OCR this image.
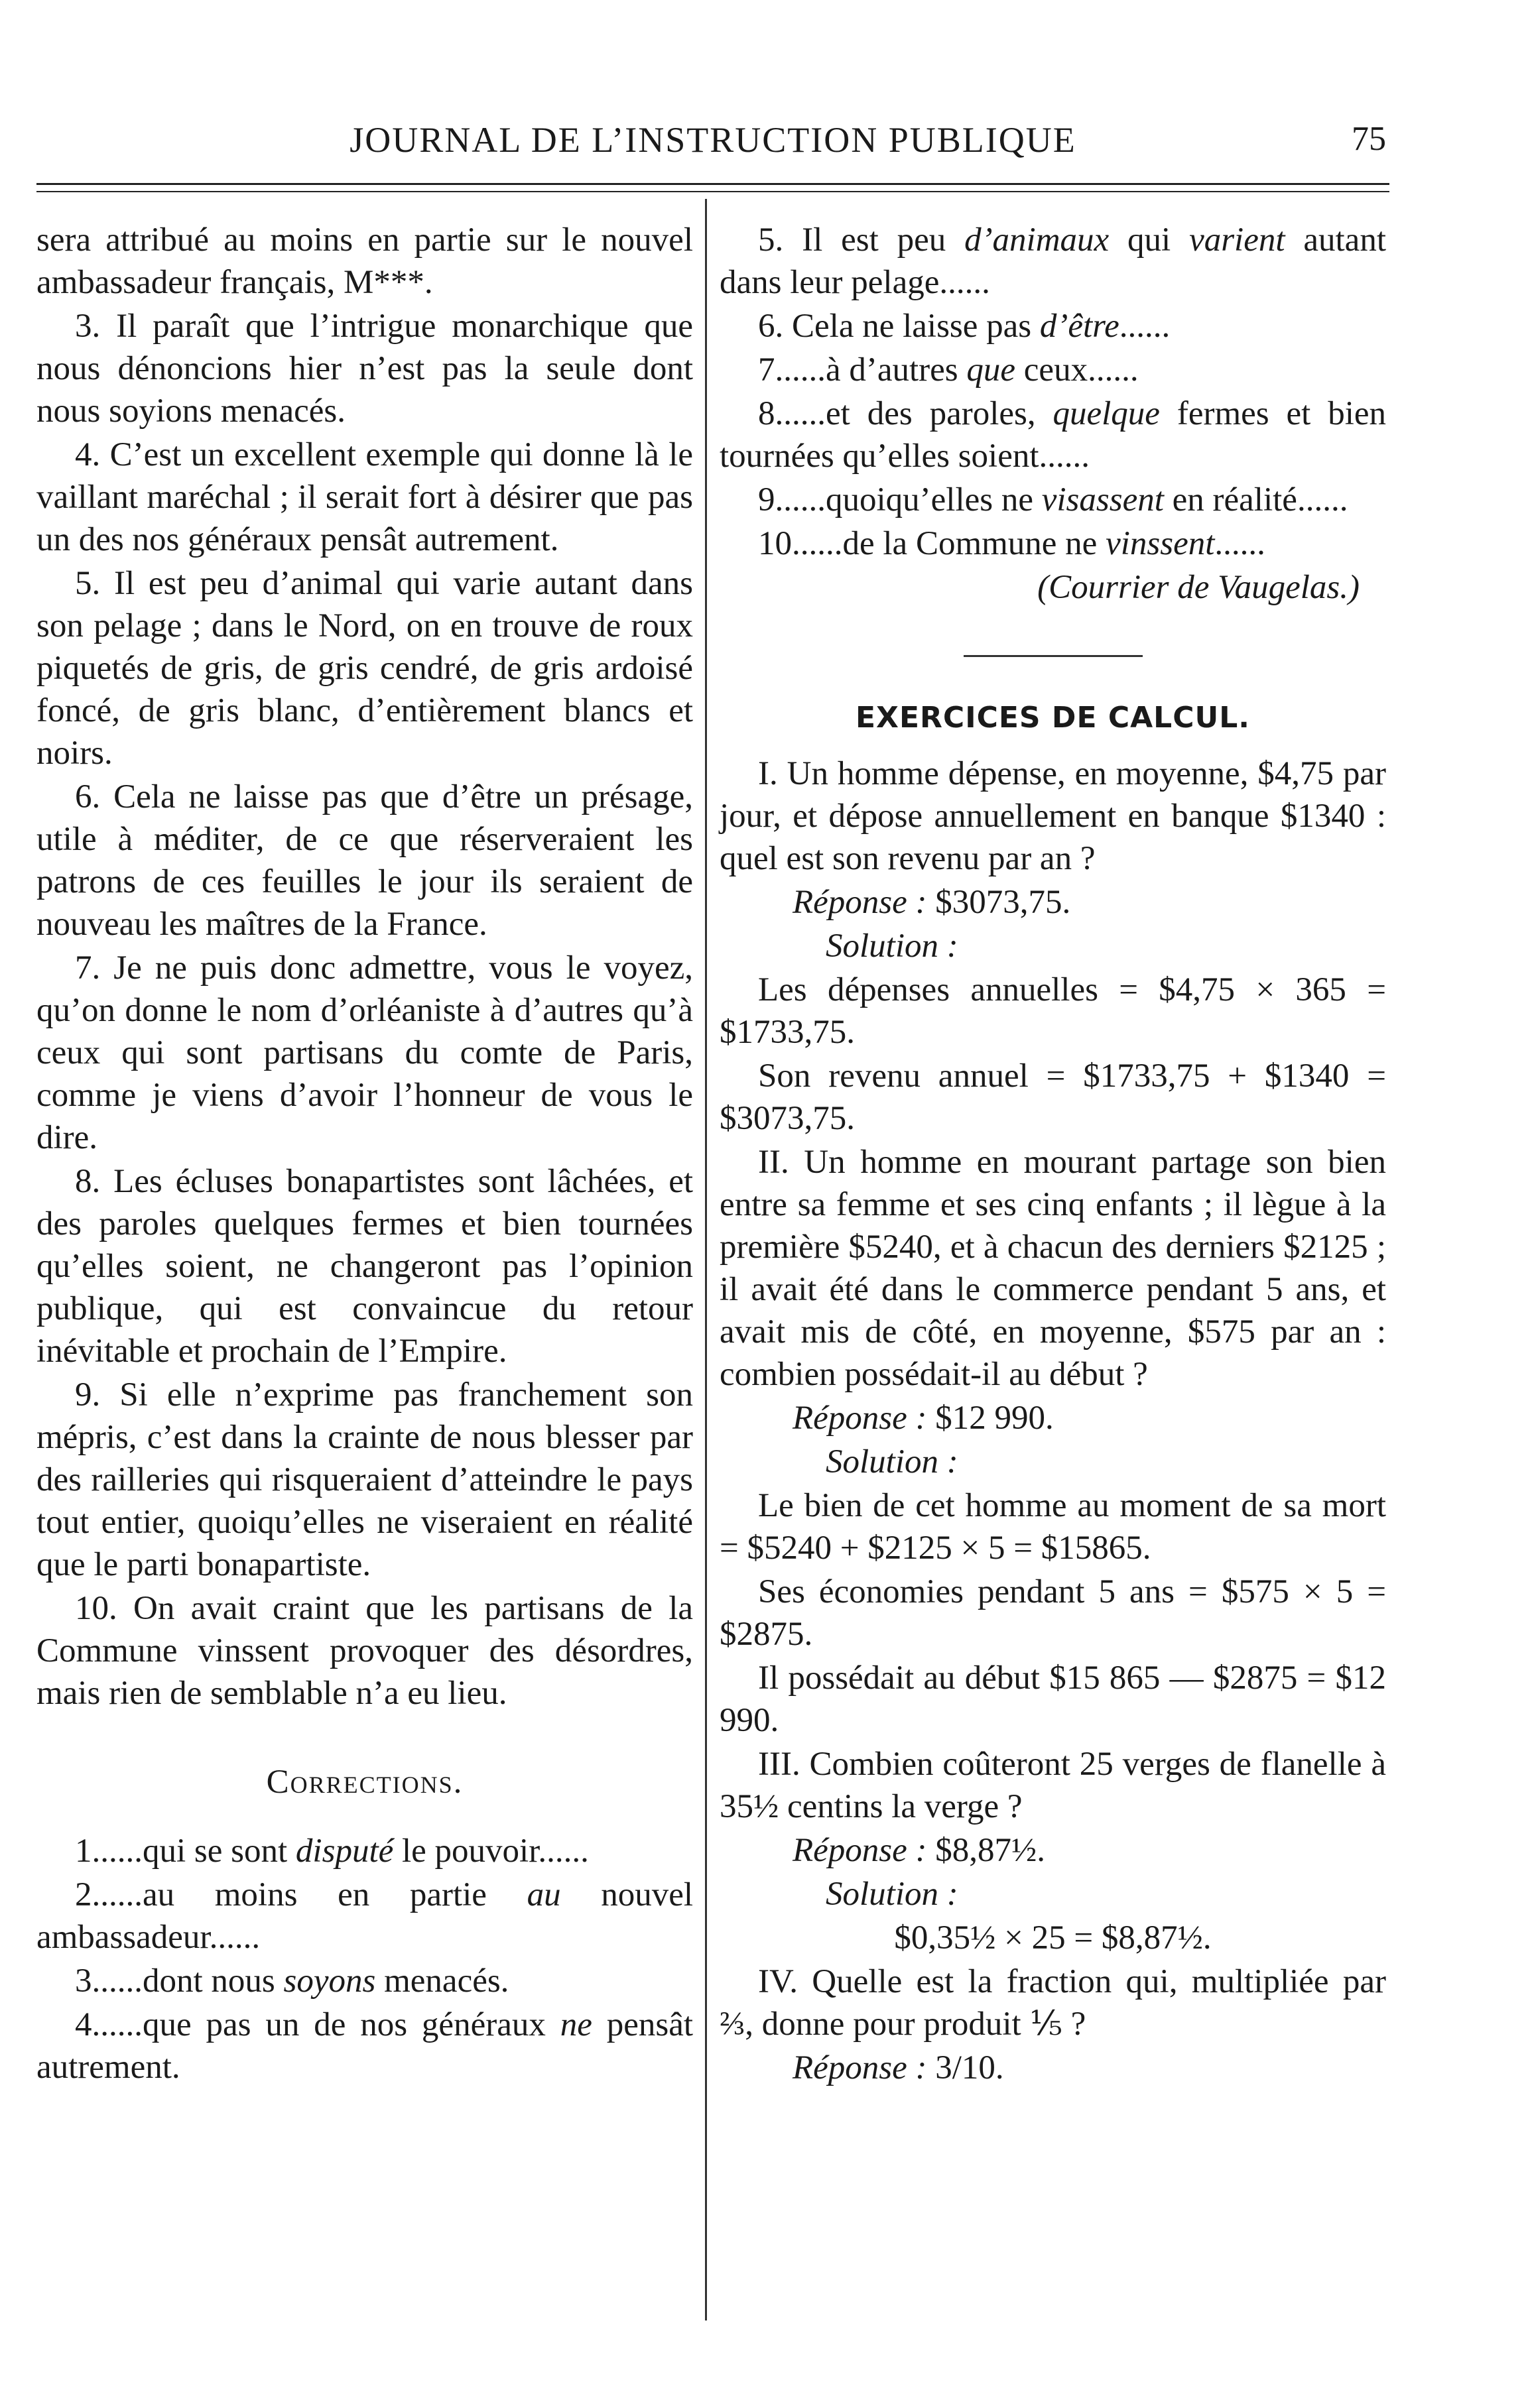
JOURNAL DE L’INSTRUCTION PUBLIQUE	75

sera attribué au moins en partie sur le nouvel ambassadeur français, M***.

3. Il paraît que l’intrigue monarchique que nous dénoncions hier n’est pas la seule dont nous soyions menacés.

4. C’est un excellent exemple qui donne là le vaillant maréchal ; il serait fort à désirer que pas un des nos généraux pensât autrement.

5. Il est peu d’animal qui varie autant dans son pelage ; dans le Nord, on en trouve de roux piquetés de gris, de gris cendré, de gris ardoisé foncé, de gris blanc, d’entièrement blancs et noirs.

6. Cela ne laisse pas que d’être un présage, utile à méditer, de ce que réserveraient les patrons de ces feuilles le jour ils seraient de nouveau les maîtres de la France.

7. Je ne puis donc admettre, vous le voyez, qu’on donne le nom d’orléaniste à d’autres qu’à ceux qui sont partisans du comte de Paris, comme je viens d’avoir l’honneur de vous le dire.

8. Les écluses bonapartistes sont lâchées, et des paroles quelques fermes et bien tournées qu’elles soient, ne changeront pas l’opinion publique, qui est convaincue du retour inévitable et prochain de l’Empire.

9. Si elle n’exprime pas franchement son mépris, c’est dans la crainte de nous blesser par des railleries qui risqueraient d’atteindre le pays tout entier, quoiqu’elles ne viseraient en réalité que le parti bonapartiste.

10. On avait craint que les partisans de la Commune vinssent provoquer des désordres, mais rien de semblable n’a eu lieu.

Corrections.

1......qui se sont disputé le pouvoir......

2......au moins en partie au nouvel ambassadeur......

3......dont nous soyons menacés.

4......que pas un de nos généraux ne pensât autrement.

5. Il est peu d’animaux qui varient autant dans leur pelage......

6. Cela ne laisse pas d’être......

7......à d’autres que ceux......

8......et des paroles, quelque fermes et bien tournées qu’elles soient......

9......quoiqu’elles ne visassent en réalité......

10......de la Commune ne vinssent......

(Courrier de Vaugelas.)

EXERCICES DE CALCUL.

I. Un homme dépense, en moyenne, $4,75 par jour, et dépose annuellement en banque $1340 : quel est son revenu par an ?

Réponse : $3073,75.

Solution :

Les dépenses annuelles = $4,75 × 365 = $1733,75.

Son revenu annuel = $1733,75 + $1340 = $3073,75.

II. Un homme en mourant partage son bien entre sa femme et ses cinq enfants ; il lègue à la première $5240, et à chacun des derniers $2125 ; il avait été dans le commerce pendant 5 ans, et avait mis de côté, en moyenne, $575 par an : combien possédait-il au début ?

Réponse : $12 990.

Solution :

Le bien de cet homme au moment de sa mort = $5240 + $2125 × 5 = $15865.

Ses économies pendant 5 ans = $575 × 5 = $2875.

Il possédait au début $15 865 — $2875 = $12 990.

III. Combien coûteront 25 verges de flanelle à 35½ centins la verge ?

Réponse : $8,87½.

Solution :

$0,35½ × 25 = $8,87½.

IV. Quelle est la fraction qui, multipliée par ⅔, donne pour produit ⅕ ?

Réponse : 3/10.
